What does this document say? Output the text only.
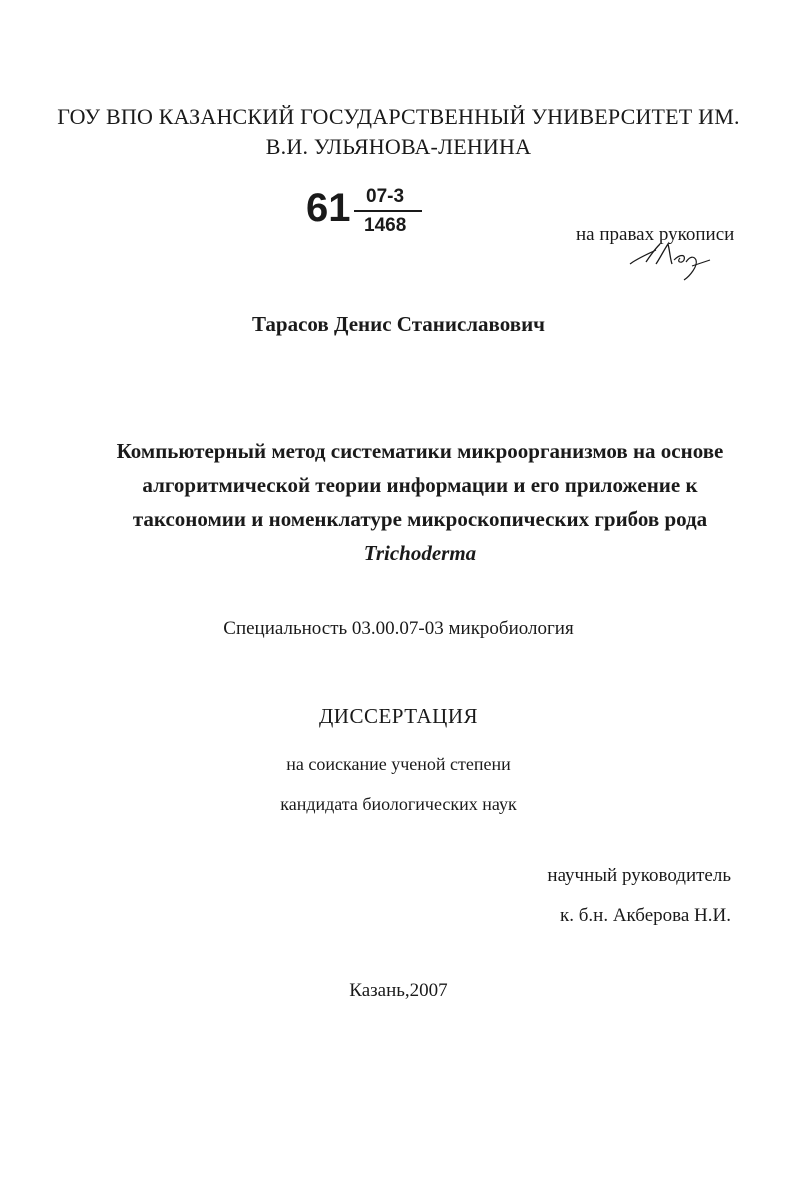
ГОУ ВПО КАЗАНСКИЙ ГОСУДАРСТВЕННЫЙ УНИВЕРСИТЕТ ИМ.
В.И. УЛЬЯНОВА-ЛЕНИНА
61 07-3
1468	на правах рукописи
Тарасов Денис Станиславович
Компьютерный метод систематики микроорганизмов на основе
алгоритмической теории информации и его приложение к
таксономии и номенклатуре микроскопических грибов рода
Trichoderma
Специальность 03.00.07-03 микробиология
ДИССЕРТАЦИЯ
на соискание ученой степени
кандидата биологических наук
научный руководитель
к. б.н. Акберова Н.И.
Казань,2007
